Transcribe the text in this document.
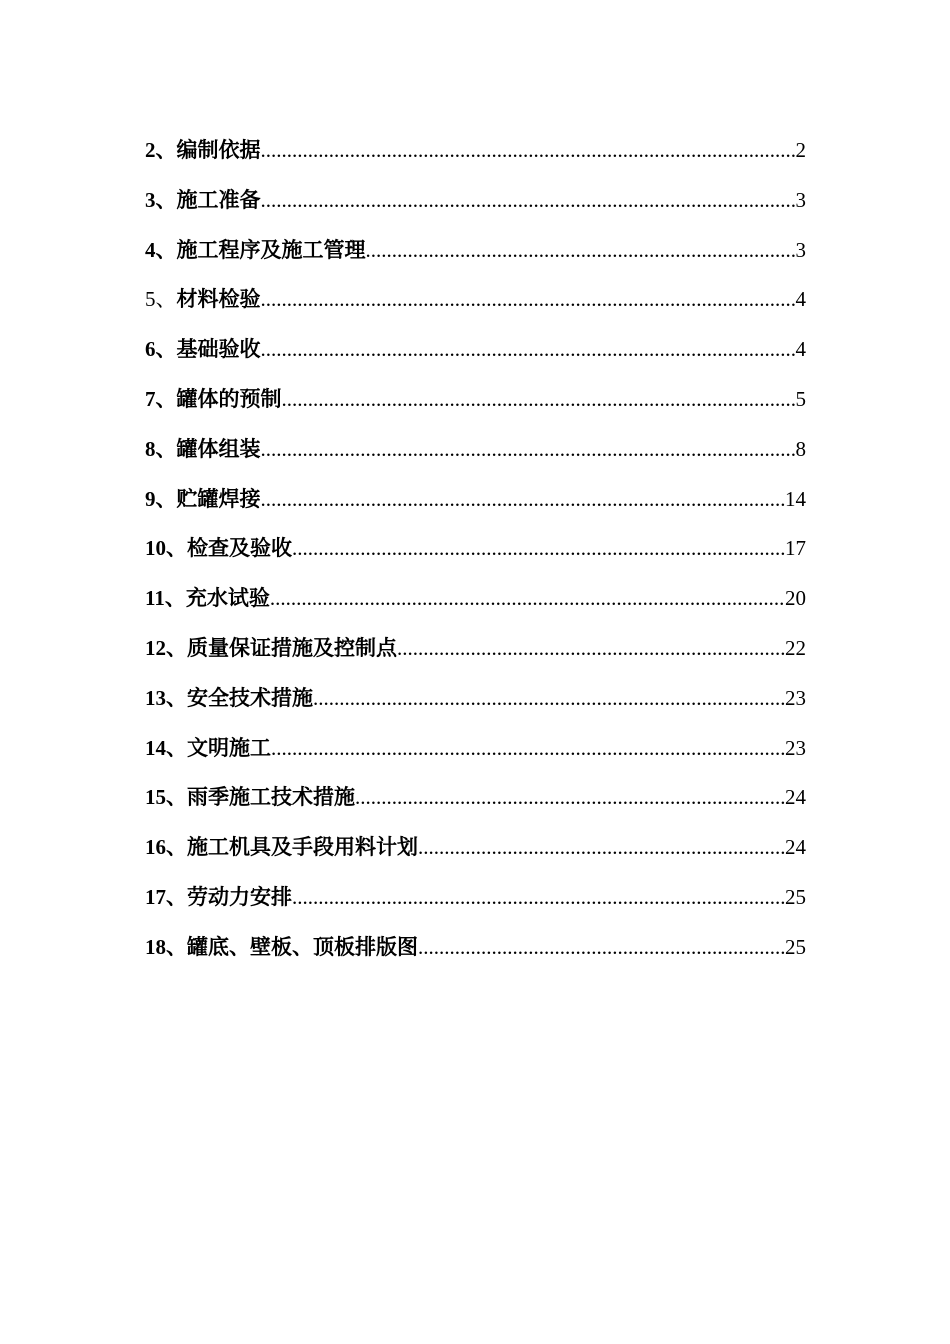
2、 编制依据 .....	2
3、 施工准备 .....	3
4、 施工程序及施工管理 .....	3
5、 材料检验 .....	4
6、 基础验收 .....	4
7、 罐体的预制 .....	5
8、 罐体组装 .....	8
9、 贮罐焊接 .....	14
10、 检查及验收 .....	17
11、 充水试验 .....	20
12、 质量保证措施及控制点 .....	22
13、 安全技术措施 .....	23
14、 文明施工 .....	23
15、 雨季施工技术措施 .....	24
16、 施工机具及手段用料计划 .....	24
17、 劳动力安排 .....	25
18、 罐底、壁板、顶板排版图 .....	25
